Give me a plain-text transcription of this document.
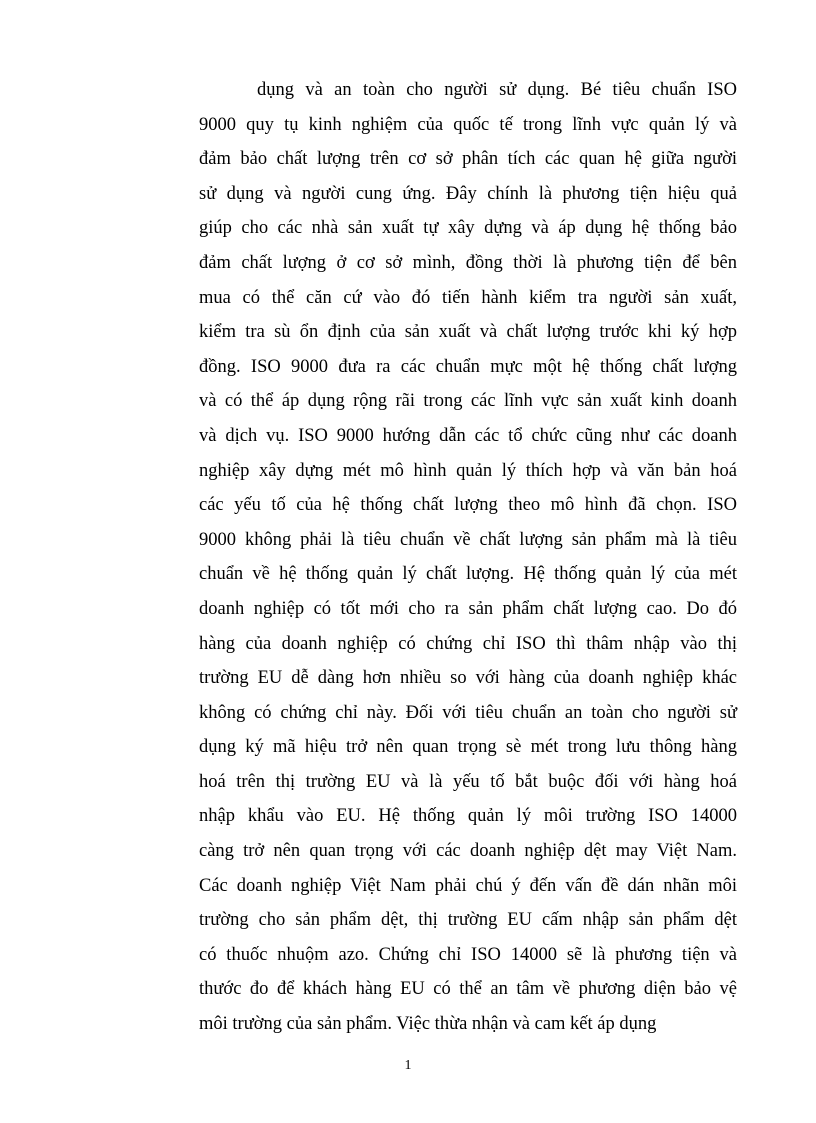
dụng và an toàn cho người sử dụng. Bé tiêu chuẩn ISO
9000 quy tụ kinh nghiệm của quốc tế trong lĩnh vực quản lý và
đảm bảo chất lượng trên cơ sở phân tích các quan hệ giữa người
sử dụng và người cung ứng. Đây chính là phương tiện hiệu quả
giúp cho các nhà sản xuất tự xây dựng và áp dụng hệ thống bảo
đảm chất lượng ở cơ sở mình, đồng thời là phương tiện để bên
mua có thể căn cứ vào đó tiến hành kiểm tra người sản xuất,
kiểm tra sù ổn định của sản xuất và chất lượng trước khi ký hợp
đồng. ISO 9000 đưa ra các chuẩn mực một hệ thống chất lượng
và có thể áp dụng rộng rãi trong các lĩnh vực sản xuất kinh doanh
và dịch vụ. ISO 9000 hướng dẫn các tổ chức cũng như các doanh
nghiệp xây dựng mét mô hình quản lý thích hợp và văn bản hoá
các yếu tố của hệ thống chất lượng theo mô hình đã chọn. ISO
9000 không phải là tiêu chuẩn về chất lượng sản phẩm mà là tiêu
chuẩn về hệ thống quản lý chất lượng. Hệ thống quản lý của mét
doanh nghiệp có tốt mới cho ra sản phẩm chất lượng cao. Do đó
hàng của doanh nghiệp có chứng chỉ ISO thì thâm nhập vào thị
trường EU dễ dàng hơn nhiều so với hàng của doanh nghiệp khác
không có chứng chỉ này. Đối với tiêu chuẩn an toàn cho người sử
dụng ký mã hiệu trở nên quan trọng sè mét trong lưu thông hàng
hoá trên thị trường EU và là yếu tố bắt buộc đối với hàng hoá
nhập khẩu vào EU. Hệ thống quản lý môi trường ISO 14000
càng trở nên quan trọng với các doanh nghiệp dệt may Việt Nam.
Các doanh nghiệp Việt Nam phải chú ý đến vấn đề dán nhãn môi
trường cho sản phẩm dệt, thị trường EU cấm nhập sản phẩm dệt
có thuốc nhuộm azo. Chứng chỉ ISO 14000 sẽ là phương tiện và
thước đo để khách hàng EU có thể an tâm về phương diện bảo vệ
môi trường của sản phẩm. Việc thừa nhận và cam kết áp dụng
1
